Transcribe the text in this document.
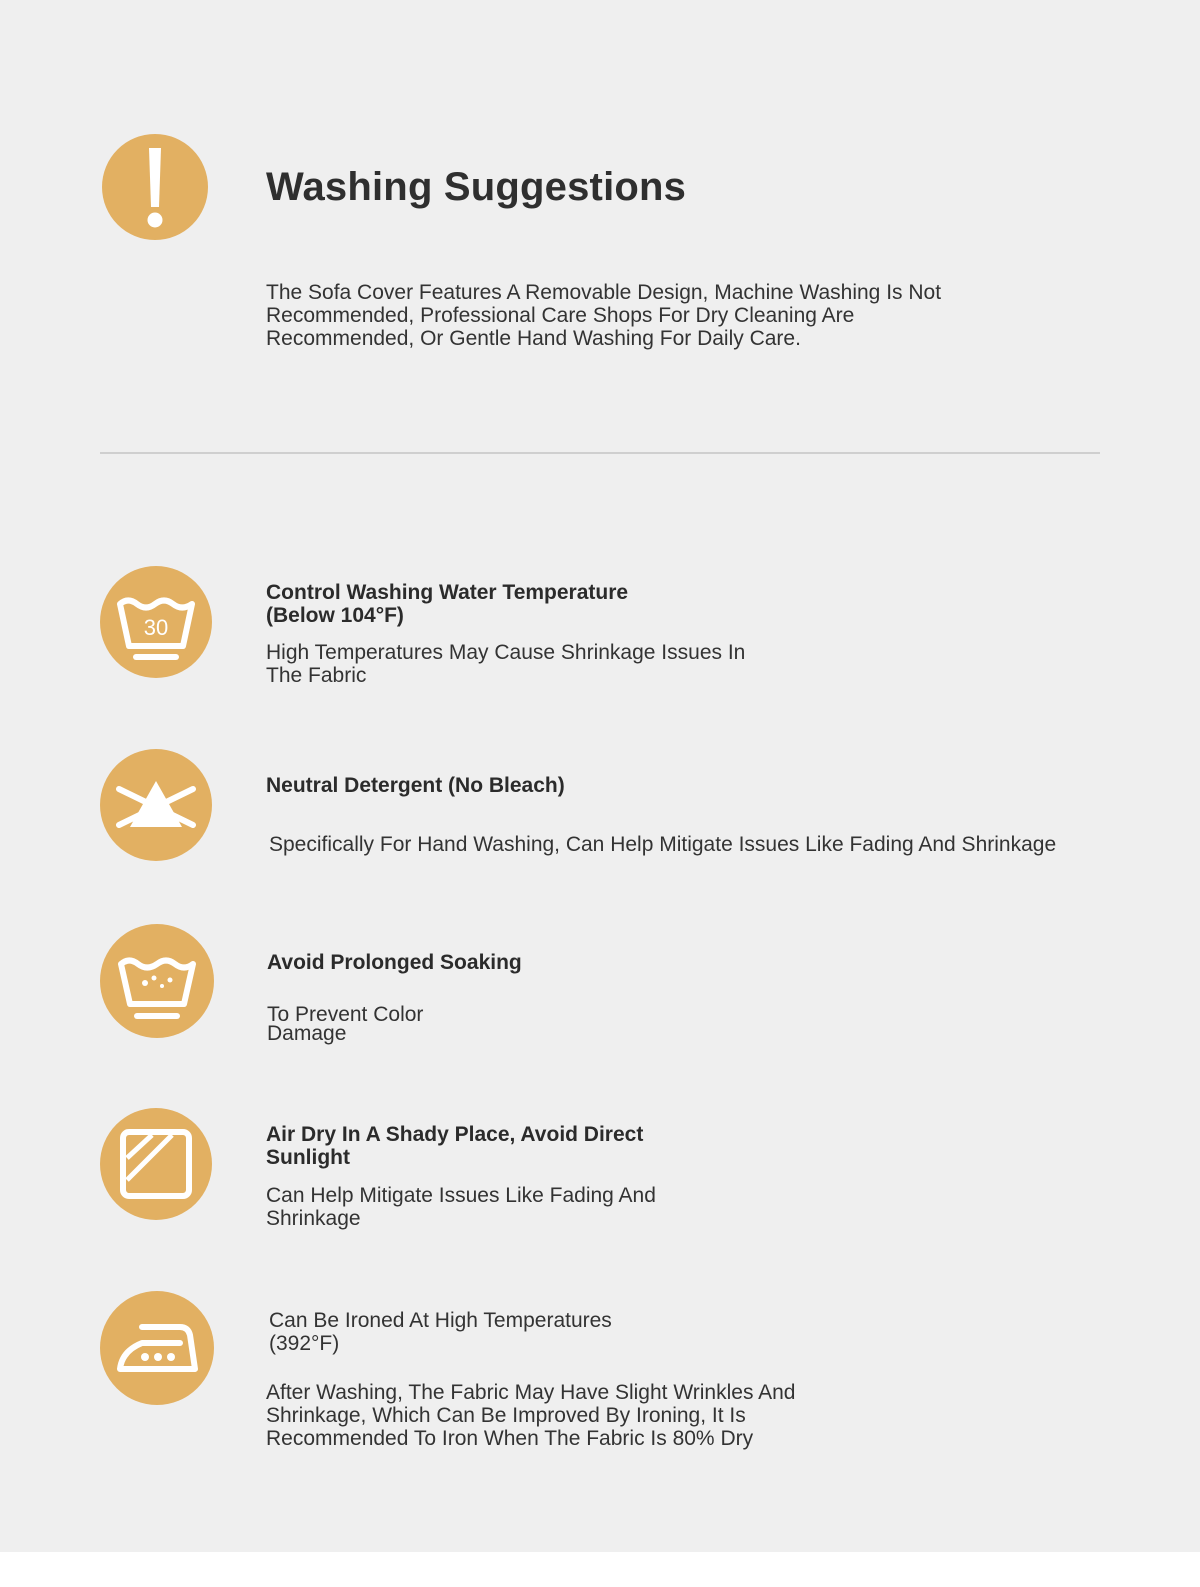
Washing Suggestions

The Sofa Cover Features A Removable Design, Machine Washing Is Not Recommended, Professional Care Shops For Dry Cleaning Are Recommended, Or Gentle Hand Washing For Daily Care.

30

Control Washing Water Temperature (Below 104°F)

High Temperatures May Cause Shrinkage Issues In The Fabric

Neutral Detergent (No Bleach)

Specifically For Hand Washing, Can Help Mitigate Issues Like Fading And Shrinkage

Avoid Prolonged Soaking

To Prevent Color Damage

Air Dry In A Shady Place, Avoid Direct Sunlight

Can Help Mitigate Issues Like Fading And Shrinkage

Can Be Ironed At High Temperatures (392°F)

After Washing, The Fabric May Have Slight Wrinkles And Shrinkage, Which Can Be Improved By Ironing, It Is Recommended To Iron When The Fabric Is 80% Dry
